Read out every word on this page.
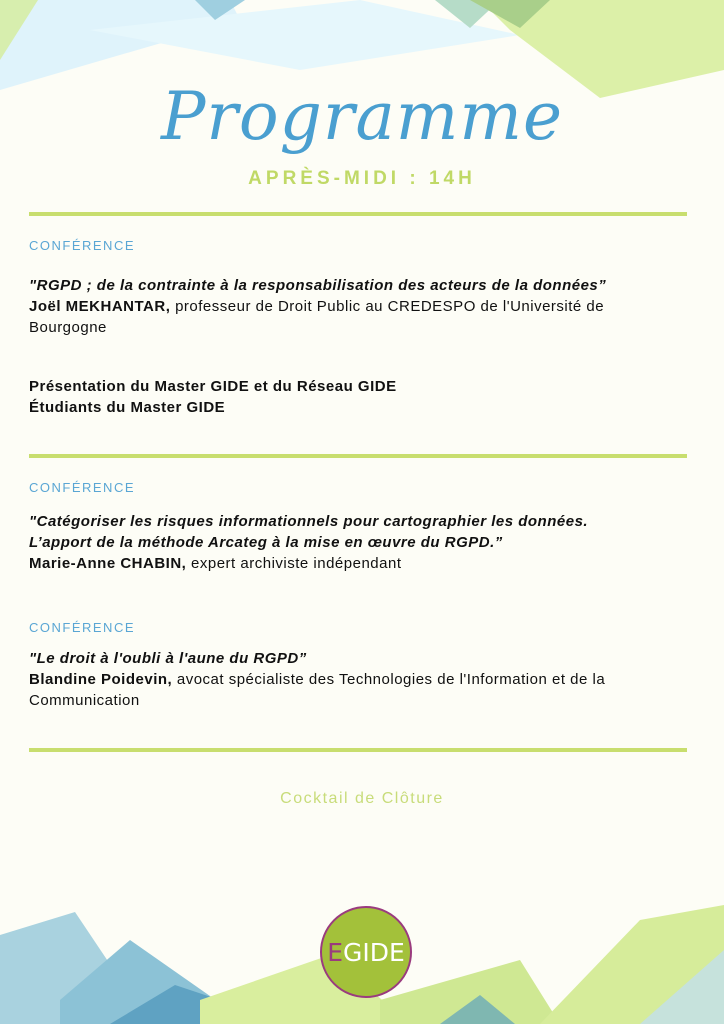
Programme
APRÈS-MIDI : 14H
CONFÉRENCE
"RGPD ; de la contrainte à la responsabilisation des acteurs de la données”
Joël MEKHANTAR, professeur de Droit Public au CREDESPO de l'Université de Bourgogne
Présentation du Master GIDE et du Réseau GIDE
Étudiants du Master GIDE
CONFÉRENCE
"Catégoriser les risques informationnels pour cartographier les données.
L’apport de la méthode Arcateg à la mise en œuvre du RGPD.”
Marie-Anne CHABIN, expert archiviste indépendant
CONFÉRENCE
"Le droit à l'oubli à l'aune du RGPD”
Blandine Poidevin, avocat spécialiste des Technologies de l'Information et de la Communication
Cocktail de Clôture
EGIDE
